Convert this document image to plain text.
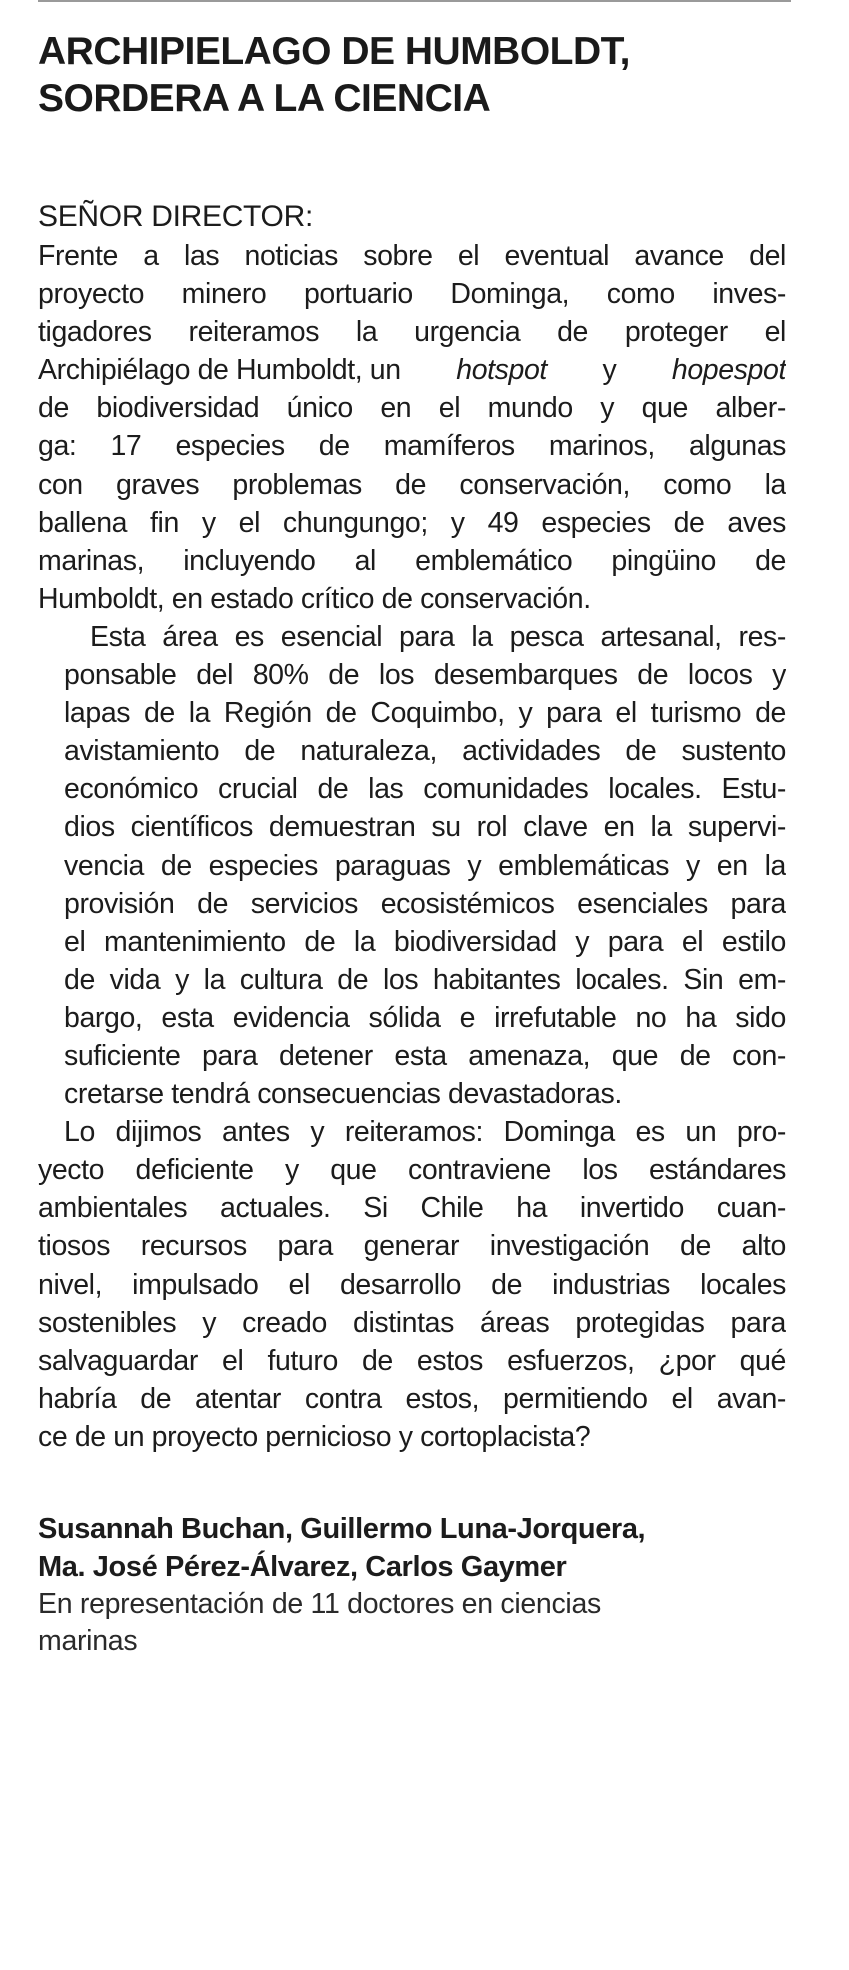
ARCHIPIELAGO DE HUMBOLDT,
SORDERA A LA CIENCIA
SEÑOR DIRECTOR:

Frente a las noticias sobre el eventual avance del
proyecto minero portuario Dominga, como inves-
tigadores reiteramos la urgencia de proteger el
Archipiélago de Humboldt, un hotspot y hopespot
de biodiversidad único en el mundo y que alber-
ga: 17 especies de mamíferos marinos, algunas
con graves problemas de conservación, como la
ballena fin y el chungungo; y 49 especies de aves
marinas, incluyendo al emblemático pingüino de
Humboldt, en estado crítico de conservación.

Esta área es esencial para la pesca artesanal, res-
ponsable del 80% de los desembarques de locos y
lapas de la Región de Coquimbo, y para el turismo de
avistamiento de naturaleza, actividades de sustento
económico crucial de las comunidades locales. Estu-
dios científicos demuestran su rol clave en la supervi-
vencia de especies paraguas y emblemáticas y en la
provisión de servicios ecosistémicos esenciales para
el mantenimiento de la biodiversidad y para el estilo
de vida y la cultura de los habitantes locales. Sin em-
bargo, esta evidencia sólida e irrefutable no ha sido
suficiente para detener esta amenaza, que de con-
cretarse tendrá consecuencias devastadoras.

Lo dijimos antes y reiteramos: Dominga es un pro-
yecto deficiente y que contraviene los estándares
ambientales actuales. Si Chile ha invertido cuan-
tiosos recursos para generar investigación de alto
nivel, impulsado el desarrollo de industrias locales
sostenibles y creado distintas áreas protegidas para
salvaguardar el futuro de estos esfuerzos, ¿por qué
habría de atentar contra estos, permitiendo el avan-
ce de un proyecto pernicioso y cortoplacista?

Susannah Buchan, Guillermo Luna-Jorquera,
Ma. José Pérez-Álvarez, Carlos Gaymer
En representación de 11 doctores en ciencias
marinas
